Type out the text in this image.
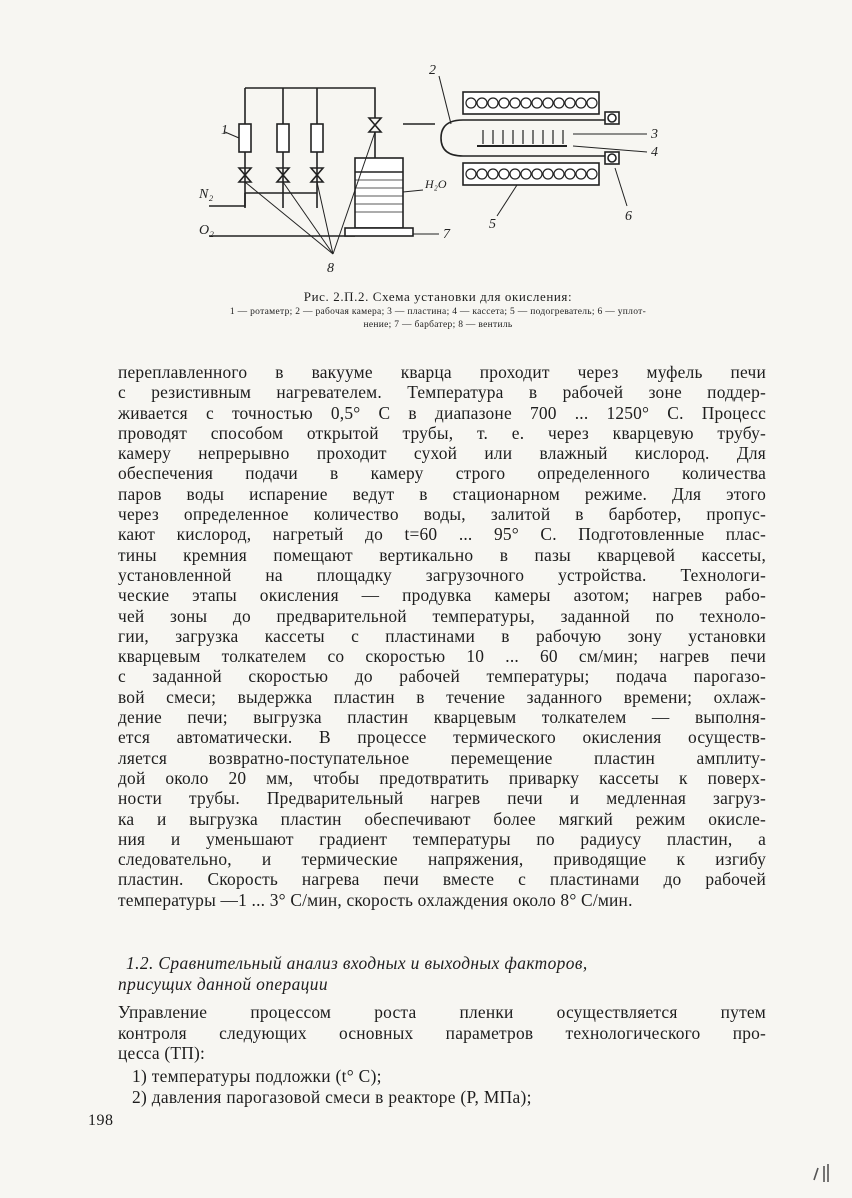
1
2
3
4
5
6
7
8
N₂
O₂
H₂O
Рис. 2.П.2. Схема установки для окисления:
1 — ротаметр; 2 — рабочая камера; 3 — пластина; 4 — кассета; 5 — подогреватель; 6 — уплот-
нение; 7 — барбатер; 8 — вентиль
переплавленного в вакууме кварца проходит через муфель печи
с резистивным нагревателем. Температура в рабочей зоне поддер-
живается с точностью 0,5° С в диапазоне 700 ... 1250° С. Процесс
проводят способом открытой трубы, т. е. через кварцевую трубу-
камеру непрерывно проходит сухой или влажный кислород. Для
обеспечения подачи в камеру строго определенного количества
паров воды испарение ведут в стационарном режиме. Для этого
через определенное количество воды, залитой в барботер, пропус-
кают кислород, нагретый до t=60 ... 95° С. Подготовленные плас-
тины кремния помещают вертикально в пазы кварцевой кассеты,
установленной на площадку загрузочного устройства. Технологи-
ческие этапы окисления — продувка камеры азотом; нагрев рабо-
чей зоны до предварительной температуры, заданной по техноло-
гии, загрузка кассеты с пластинами в рабочую зону установки
кварцевым толкателем со скоростью 10 ... 60 см/мин; нагрев печи
с заданной скоростью до рабочей температуры; подача парогазо-
вой смеси; выдержка пластин в течение заданного времени; охлаж-
дение печи; выгрузка пластин кварцевым толкателем — выполня-
ется автоматически. В процессе термического окисления осуществ-
ляется возвратно-поступательное перемещение пластин амплиту-
дой около 20 мм, чтобы предотвратить приварку кассеты к поверх-
ности трубы. Предварительный нагрев печи и медленная загруз-
ка и выгрузка пластин обеспечивают более мягкий режим окисле-
ния и уменьшают градиент температуры по радиусу пластин, а
следовательно, и термические напряжения, приводящие к изгибу
пластин. Скорость нагрева печи вместе с пластинами до рабочей
температуры —1 ... 3° С/мин, скорость охлаждения около 8° С/мин.
1.2. Сравнительный анализ входных и выходных факторов,
присущих данной операции
Управление процессом роста пленки осуществляется путем
контроля следующих основных параметров технологического про-
цесса (ТП):
1) температуры подложки (t° С);
2) давления парогазовой смеси в реакторе (P, МПа);
198
